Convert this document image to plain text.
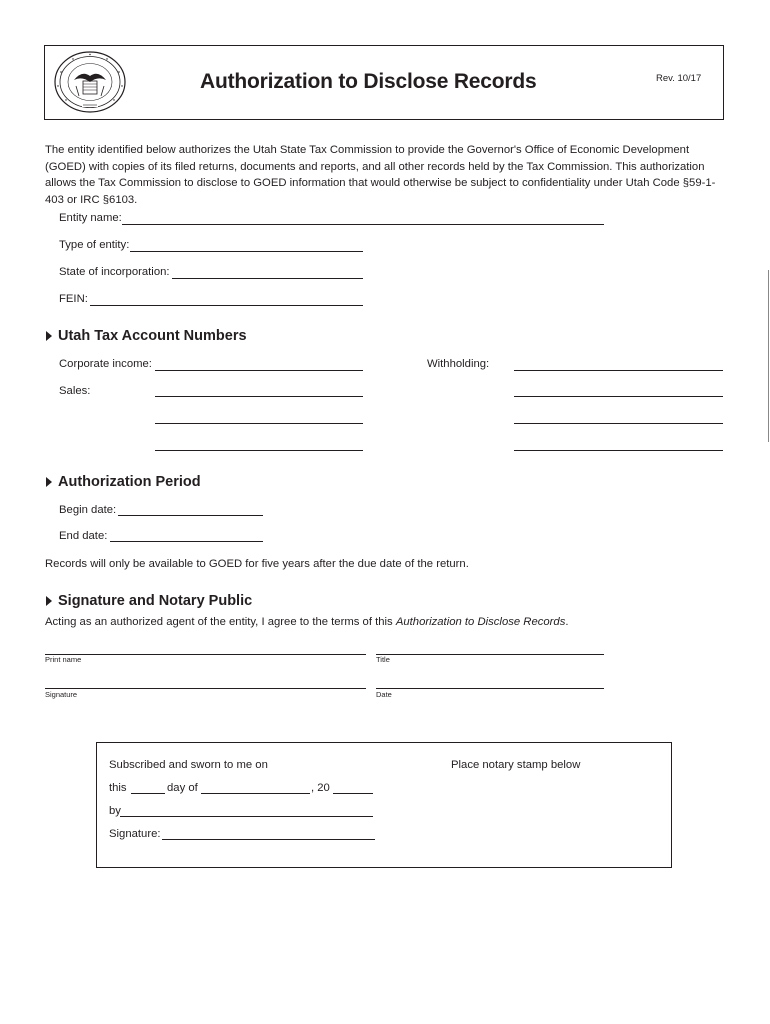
Authorization to Disclose Records	Rev. 10/17
The entity identified below authorizes the Utah State Tax Commission to provide the Governor's Office of Economic Development (GOED) with copies of its filed returns, documents and reports, and all other records held by the Tax Commission. This authorization allows the Tax Commission to disclose to GOED information that would otherwise be subject to confidentiality under Utah Code §59-1-403 or IRC §6103.
Entity name:
Type of entity:
State of incorporation:
FEIN:
Utah Tax Account Numbers
Corporate income:	Withholding:
Sales:
Authorization Period
Begin date:
End date:
Records will only be available to GOED for five years after the due date of the return.
Signature and Notary Public
Acting as an authorized agent of the entity, I agree to the terms of this Authorization to Disclose Records.
Print name	Title
Signature	Date
Subscribed and sworn to me on	Place notary stamp below
this	day of	, 20
by
Signature:
